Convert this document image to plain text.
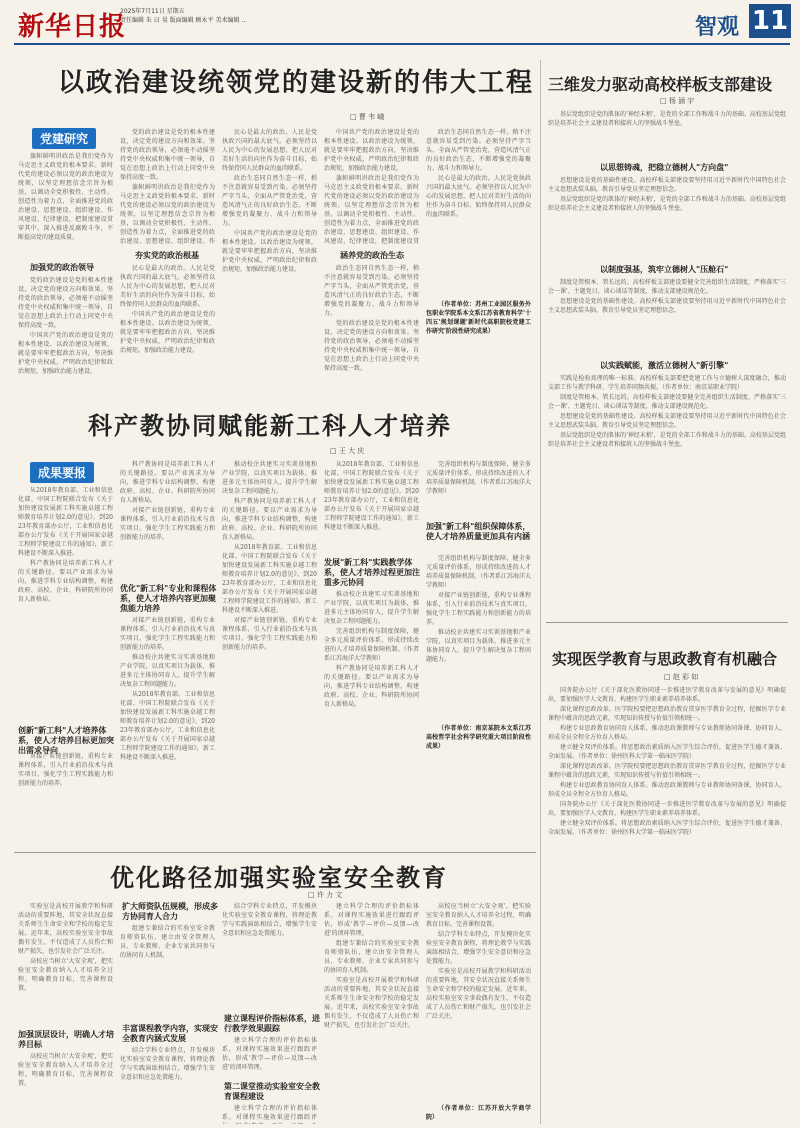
新华日报
2025年7月11日 星期五
责任编辑 朱 曰 昊 版面编辑 顾永平 美术编辑 ...	智观 11
以政治建设统领党的建设新的伟大工程
□ 曹 韦 峨
党建研究

旗帜鲜明讲政治是我们党作为马克思主义政党的根本要求。新时代党的建设必须以党的政治建设为统领，以坚定理想信念宗旨为根基，以调动全党积极性、主动性、创造性为着力点，全面推进党的政治建设、思想建设、组织建设、作风建设、纪律建设，把制度建设贯穿其中，深入推进反腐败斗争，不断提高党的建设质量。

加强党的政治领导

党的政治建设是党的根本性建设，决定党的建设方向和效果。坚持党的政治领导，必须毫不动摇坚持党中央权威和集中统一领导，自觉在思想上政治上行动上同党中央保持高度一致。

中国共产党的政治建设是党的根本性建设。以政治建设为统领，就是要牢牢把握政治方向，坚决维护党中央权威，严明政治纪律和政治规矩，加强政治能力建设。

党的政治建设是党的根本性建设，决定党的建设方向和效果。坚持党的政治领导，必须毫不动摇坚持党中央权威和集中统一领导，自觉在思想上政治上行动上同党中央保持高度一致。

旗帜鲜明讲政治是我们党作为马克思主义政党的根本要求。新时代党的建设必须以党的政治建设为统领，以坚定理想信念宗旨为根基，以调动全党积极性、主动性、创造性为着力点，全面推进党的政治建设、思想建设、组织建设、作

夯实党的政治根基

民心是最大的政治。人民是党执政兴国的最大底气。必须坚持以人民为中心的发展思想，把人民对美好生活的向往作为奋斗目标，始终保持同人民群众的血肉联系。

中国共产党的政治建设是党的根本性建设。以政治建设为统领，就是要牢牢把握政治方向，坚决维护党中央权威，严明政治纪律和政治规矩，加强政治能力建设。

民心是最大的政治。人民是党执政兴国的最大底气。必须坚持以人民为中心的发展思想，把人民对美好生活的向往作为奋斗目标，始终保持同人民群众的血肉联系。

政治生态同自然生态一样，稍不注意就容易受到污染。必须坚持严字当头，全面从严管党治党，营造风清气正的良好政治生态，不断增强党的凝聚力、战斗力和领导力。

中国共产党的政治建设是党的根本性建设。以政治建设为统领，就是要牢牢把握政治方向，坚决维护党中央权威，严明政治纪律和政治规矩，加强政治能力建设。

涵养党的政治生态

中国共产党的政治建设是党的根本性建设。以政治建设为统领，就是要牢牢把握政治方向，坚决维护党中央权威，严明政治纪律和政治规矩，加强政治能力建设。

旗帜鲜明讲政治是我们党作为马克思主义政党的根本要求。新时代党的建设必须以党的政治建设为统领，以坚定理想信念宗旨为根基，以调动全党积极性、主动性、创造性为着力点，全面推进党的政治建设、思想建设、组织建设、作风建设、纪律建设，把制度建设贯

政治生态同自然生态一样，稍不注意就容易受到污染。必须坚持严字当头，全面从严管党治党，营造风清气正的良好政治生态，不断增强党的凝聚力、战斗力和领导力。

党的政治建设是党的根本性建设，决定党的建设方向和效果。坚持党的政治领导，必须毫不动摇坚持党中央权威和集中统一领导，自觉在思想上政治上行动上同党中央保持高度一致。

政治生态同自然生态一样，稍不注意就容易受到污染。必须坚持严字当头，全面从严管党治党，营造风清气正的良好政治生态，不断增强党的凝聚力、战斗力和领导力。

民心是最大的政治。人民是党执政兴国的最大底气。必须坚持以人民为中心的发展思想，把人民对美好生活的向往作为奋斗目标，始终保持同人民群众的血肉联系。

（作者单位：苏州工业园区服务外包职业学院系本文系江苏省教育科学'十四五'规划课题'新时代高职院校党建工作研究'阶段性研究成果）

三维发力驱动高校样板支部建设
□ 杨 涵 宇

基层党组织是党的肌体的'神经末梢'，是党的全部工作和战斗力的基础。高校基层党组织是培养社会主义建设者和接班人的坚强战斗堡垒。

以思想铸魂，把稳立德树人"方向盘"

思想建设是党的基础性建设。高校样板支部建设要坚持用习近平新时代中国特色社会主义思想武装头脑，教育引导党员坚定理想信念。

基层党组织是党的肌体的'神经末梢'，是党的全部工作和战斗力的基础。高校基层党组织是培养社会主义建设者和接班人的坚强战斗堡垒。

以制度强基，筑牢立德树人"压舱石"

制度是管根本、管长远的。高校样板支部建设要健全完善组织生活制度，严格落实'三会一课'、主题党日、谈心谈话等制度，推动支部建设规范化。

思想建设是党的基础性建设。高校样板支部建设要坚持用习近平新时代中国特色社会主义思想武装头脑，教育引导党员坚定理想信念。

以实践赋能，激活立德树人"新引擎"

实践是检验真理的唯一标准。高校样板支部要把党建工作与立德树人深度融合，推动支部工作与教学科研、学生培养同频共振。（作者单位：南京某职业学院）

制度是管根本、管长远的。高校样板支部建设要健全完善组织生活制度，严格落实'三会一课'、主题党日、谈心谈话等制度，推动支部建设规范化。

思想建设是党的基础性建设。高校样板支部建设要坚持用习近平新时代中国特色社会主义思想武装头脑，教育引导党员坚定理想信念。

基层党组织是党的肌体的'神经末梢'，是党的全部工作和战斗力的基础。高校基层党组织是培养社会主义建设者和接班人的坚强战斗堡垒。

科产教协同赋能新工科人才培养
□ 王 大 庆
成果要报

从2018年教育部、工业和信息化部、中国工程院联合发布《关于加快建设发展新工科实施卓越工程师教育培养计划2.0的意见》，到2023年教育部办公厅，工业和信息化部办公厅发布《关于开展国家卓越工程师学院建设工作的通知》，新工科建设不断深入推进。

科产教协同是培养新工科人才的关键路径。要以产业需求为导向，推进学科专业结构调整，构建政府、高校、企业、科研院所协同育人新格局。

创新"新工科"人才培养体系，使人才培养目标更加突出需求导向

对接产业链创新链，重构专业课程体系，引入行业前沿技术与真实项目，强化学生工程实践能力和创新能力的培养。

科产教协同是培养新工科人才的关键路径。要以产业需求为导向，推进学科专业结构调整，构建政府、高校、企业、科研院所协同育人新格局。

对接产业链创新链，重构专业课程体系，引入行业前沿技术与真实项目，强化学生工程实践能力和创新能力的培养。

优化"新工科"专业和课程体系，使人才培养内容更加聚焦能力培养

对接产业链创新链，重构专业课程体系，引入行业前沿技术与真实项目，强化学生工程实践能力和创新能力的培养。

推动校企共建实习实训基地和产业学院，以真实项目为载体，推进多元主体协同育人，提升学生解决复杂工程问题能力。

从2018年教育部、工业和信息化部、中国工程院联合发布《关于加快建设发展新工科实施卓越工程师教育培养计划2.0的意见》，到2023年教育部办公厅，工业和信息化部办公厅发布《关于开展国家卓越工程师学院建设工作的通知》，新工科建设不断深入推进。

推动校企共建实习实训基地和产业学院，以真实项目为载体，推进多元主体协同育人，提升学生解决复杂工程问题能力。

科产教协同是培养新工科人才的关键路径。要以产业需求为导向，推进学科专业结构调整，构建政府、高校、企业、科研院所协同育人新格局。

从2018年教育部、工业和信息化部、中国工程院联合发布《关于加快建设发展新工科实施卓越工程师教育培养计划2.0的意见》，到2023年教育部办公厅，工业和信息化部办公厅发布《关于开展国家卓越工程师学院建设工作的通知》，新工科建设不断深入推进。

对接产业链创新链，重构专业课程体系，引入行业前沿技术与真实项目，强化学生工程实践能力和创新能力的培养。

从2018年教育部、工业和信息化部、中国工程院联合发布《关于加快建设发展新工科实施卓越工程师教育培养计划2.0的意见》，到2023年教育部办公厅，工业和信息化部办公厅发布《关于开展国家卓越工程师学院建设工作的通知》，新工科建设不断深入推进。

发展"新工科"实践教学体系，使人才培养过程更加注重多元协同

推动校企共建实习实训基地和产业学院，以真实项目为载体，推进多元主体协同育人，提升学生解决复杂工程问题能力。

完善组织机构与制度保障，健全多元质量评价体系，形成持续改进的人才培养质量保障机制。（作者系江苏海洋大学教师）

科产教协同是培养新工科人才的关键路径。要以产业需求为导向，推进学科专业结构调整，构建政府、高校、企业、科研院所协同育人新格局。

完善组织机构与制度保障，健全多元质量评价体系，形成持续改进的人才培养质量保障机制。（作者系江苏海洋大学教师）

加强"新工科"组织保障体系，使人才培养质量更加具有内涵

完善组织机构与制度保障，健全多元质量评价体系，形成持续改进的人才培养质量保障机制。（作者系江苏海洋大学教师）

对接产业链创新链，重构专业课程体系，引入行业前沿技术与真实项目，强化学生工程实践能力和创新能力的培养。

推动校企共建实习实训基地和产业学院，以真实项目为载体，推进多元主体协同育人，提升学生解决复杂工程问题能力。

（作者单位：南京某院本文系江苏高校哲学社会科学研究重大项目阶段性成果）

优化路径加强实验室安全教育
□ 许 力 文

实验室是高校开展教学和科研活动的重要阵地，其安全状况直接关系师生生命安全和学校的稳定发展。近年来，高校实验室安全事故偶有发生，不仅造成了人员伤亡和财产损失，也引发社会广泛关注。

高校应当树立'大安全观'，把实验室安全教育纳入人才培养全过程，明确教育目标，完善课程设置。

加强顶层设计，明确人才培养目标

高校应当树立'大安全观'，把实验室安全教育纳入人才培养全过程，明确教育目标，完善课程设置。

扩大师资队伍规模，形成多方协同育人合力

组建专兼结合的实验室安全教育师资队伍，建立由安全管理人员、专业教师、企业专家共同参与的协同育人机制。

丰富课程教学内容，实现安全教育内涵式发展

结合学科专业特点，开发模块化实验室安全教育课程，将理论教学与实践演练相结合，增强学生安全意识和应急处置能力。

结合学科专业特点，开发模块化实验室安全教育课程，将理论教学与实践演练相结合，增强学生安全意识和应急处置能力。

建立课程评价指标体系，进行教学效果跟踪

建立科学合理的评价指标体系，对课程实施效果进行跟踪评估，形成'教学—评价—反馈—改进'的闭环管理。

第二课堂推动实验室安全教育课程建设

建立科学合理的评价指标体系，对课程实施效果进行跟踪评

建立科学合理的评价指标体系，对课程实施效果进行跟踪评估，形成'教学—评价—反馈—改进'的闭环管理。

组建专兼结合的实验室安全教育师资队伍，建立由安全管理人员、专业教师、企业专家共同参与的协同育人机制。

实验室是高校开展教学和科研活动的重要阵地，其安全状况直接关系师生生命安全和学校的稳定发展。近年来，高校实验室安全事故偶有发生，不仅造成了人员伤亡和财产损失，也引发社会广泛关注。

高校应当树立'大安全观'，把实验室安全教育纳入人才培养全过程，明确教育目标，完善课程设置。

结合学科专业特点，开发模块化实验室安全教育课程，将理论教学与实践演练相结合，增强学生安全意识和应急处置能力。

实验室是高校开展教学和科研活动的重要阵地，其安全状况直接关系师生生命安全和学校的稳定发展。近年来，高校实验室安全事故偶有发生，不仅造成了人员伤亡和财产损失，也引发社会广泛关注。

（作者单位：江苏开放大学商学院）

实现医学教育与思政教育有机融合
□ 赵 彩 如

国务院办公厅《关于深化医教协同进一步推进医学教育改革与发展的意见》明确提出，要加强医学人文教育，构建医学生职业素养培养体系。

深化课程思政改革。医学院校要把思想政治教育贯穿医学教育全过程，挖掘医学专业课程中蕴含的思政元素，实现知识传授与价值引领相统一。

构建专业思政教育协同育人体系。推动思政课教师与专业教师协同备课、协同育人，形成全员全程全方位育人格局。

建立健全双评价体系。将思想政治素质纳入医学生综合评价，促进医学生德才兼备、全面发展。（作者单位：徐州医科大学第一临床医学院）

深化课程思政改革。医学院校要把思想政治教育贯穿医学教育全过程，挖掘医学专业课程中蕴含的思政元素，实现知识传授与价值引领相统一。

构建专业思政教育协同育人体系。推动思政课教师与专业教师协同备课、协同育人，形成全员全程全方位育人格局。

国务院办公厅《关于深化医教协同进一步推进医学教育改革与发展的意见》明确提出，要加强医学人文教育，构建医学生职业素养培养体系。

建立健全双评价体系。将思想政治素质纳入医学生综合评价，促进医学生德才兼备、全面发展。（作者单位：徐州医科大学第一临床医学院）
